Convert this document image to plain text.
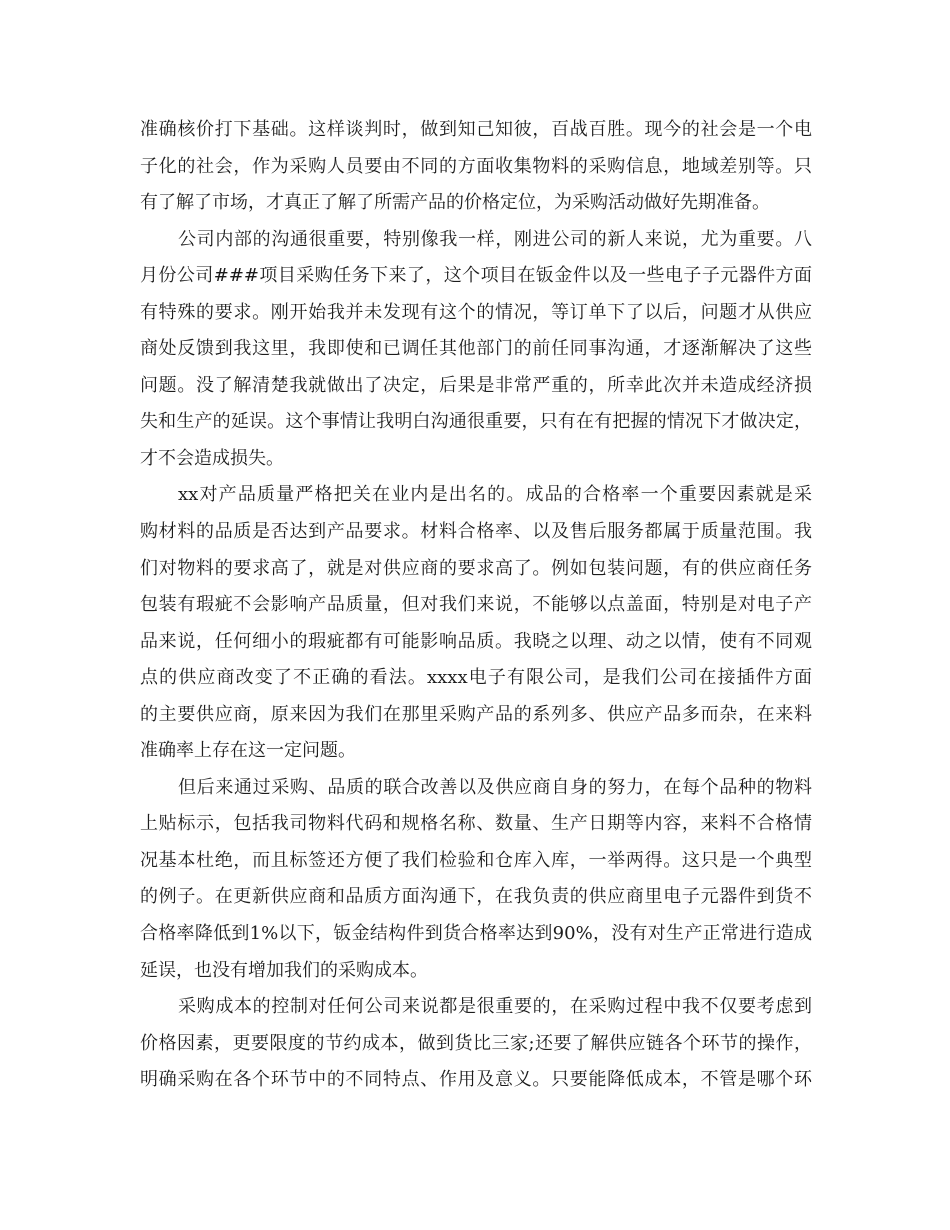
准确核价打下基础。这样谈判时，做到知己知彼，百战百胜。现今的社会是一个电
子化的社会，作为采购人员要由不同的方面收集物料的采购信息，地域差别等。只
有了解了市场，才真正了解了所需产品的价格定位，为采购活动做好先期准备。
公司内部的沟通很重要，特别像我一样，刚进公司的新人来说，尤为重要。八
月份公司###项目采购任务下来了，这个项目在钣金件以及一些电子子元器件方面
有特殊的要求。刚开始我并未发现有这个的情况，等订单下了以后，问题才从供应
商处反馈到我这里，我即使和已调任其他部门的前任同事沟通，才逐渐解决了这些
问题。没了解清楚我就做出了决定，后果是非常严重的，所幸此次并未造成经济损
失和生产的延误。这个事情让我明白沟通很重要，只有在有把握的情况下才做决定，
才不会造成损失。
xx对产品质量严格把关在业内是出名的。成品的合格率一个重要因素就是采
购材料的品质是否达到产品要求。材料合格率、以及售后服务都属于质量范围。我
们对物料的要求高了，就是对供应商的要求高了。例如包装问题，有的供应商任务
包装有瑕疵不会影响产品质量，但对我们来说，不能够以点盖面，特别是对电子产
品来说，任何细小的瑕疵都有可能影响品质。我晓之以理、动之以情，使有不同观
点的供应商改变了不正确的看法。xxxx电子有限公司，是我们公司在接插件方面
的主要供应商，原来因为我们在那里采购产品的系列多、供应产品多而杂，在来料
准确率上存在这一定问题。
但后来通过采购、品质的联合改善以及供应商自身的努力，在每个品种的物料
上贴标示，包括我司物料代码和规格名称、数量、生产日期等内容，来料不合格情
况基本杜绝，而且标签还方便了我们检验和仓库入库，一举两得。这只是一个典型
的例子。在更新供应商和品质方面沟通下，在我负责的供应商里电子元器件到货不
合格率降低到1%以下，钣金结构件到货合格率达到90%，没有对生产正常进行造成
延误，也没有增加我们的采购成本。
采购成本的控制对任何公司来说都是很重要的，在采购过程中我不仅要考虑到
价格因素，更要限度的节约成本，做到货比三家;还要了解供应链各个环节的操作，
明确采购在各个环节中的不同特点、作用及意义。只要能降低成本，不管是哪个环
